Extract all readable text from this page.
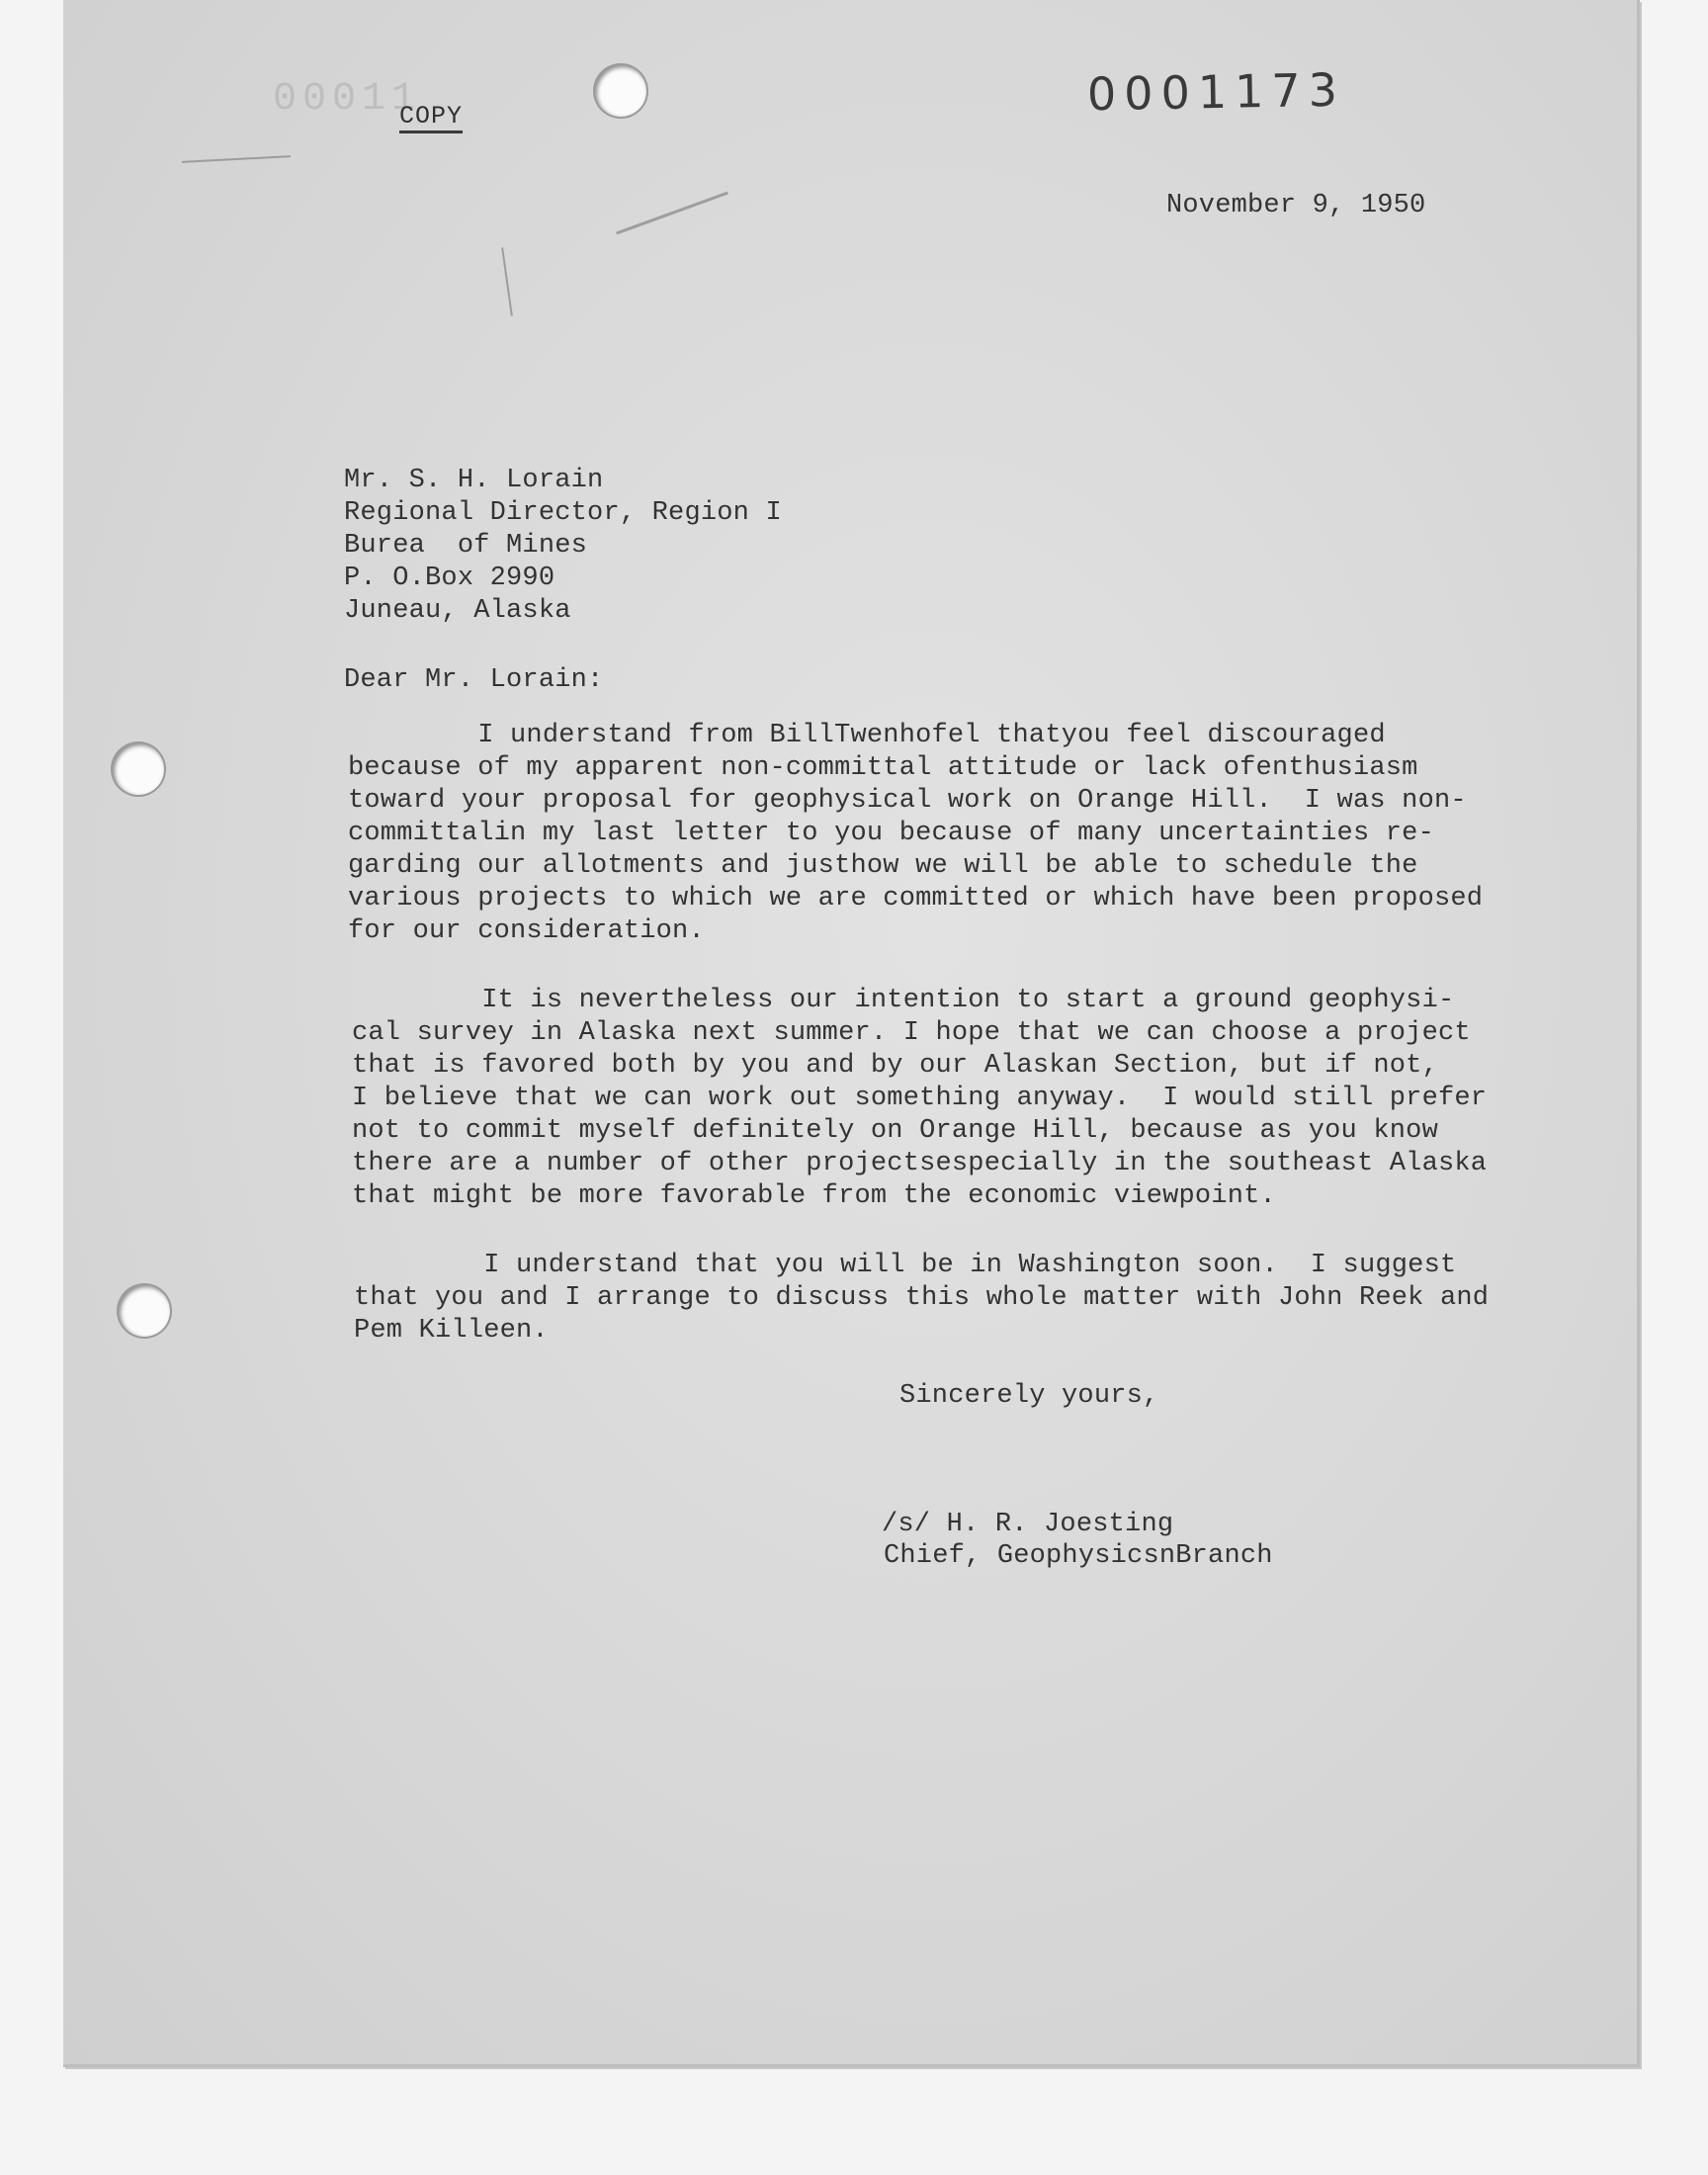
00011	0001173
COPY
November 9, 1950
Mr. S. H. Lorain
Regional Director, Region I
Burea  of Mines
P. O.Box 2990
Juneau, Alaska
Dear Mr. Lorain:
I understand from BillTwenhofel thatyou feel discouraged
because of my apparent non-committal attitude or lack ofenthusiasm
toward your proposal for geophysical work on Orange Hill.  I was non-
committalin my last letter to you because of many uncertainties re-
garding our allotments and justhow we will be able to schedule the
various projects to which we are committed or which have been proposed
for our consideration.
It is nevertheless our intention to start a ground geophysi-
cal survey in Alaska next summer. I hope that we can choose a project
that is favored both by you and by our Alaskan Section, but if not,
I believe that we can work out something anyway.  I would still prefer
not to commit myself definitely on Orange Hill, because as you know
there are a number of other projectsespecially in the southeast Alaska
that might be more favorable from the economic viewpoint.
I understand that you will be in Washington soon.  I suggest
that you and I arrange to discuss this whole matter with John Reek and
Pem Killeen.
Sincerely yours,
/s/ H. R. Joesting
Chief, GeophysicsnBranch
